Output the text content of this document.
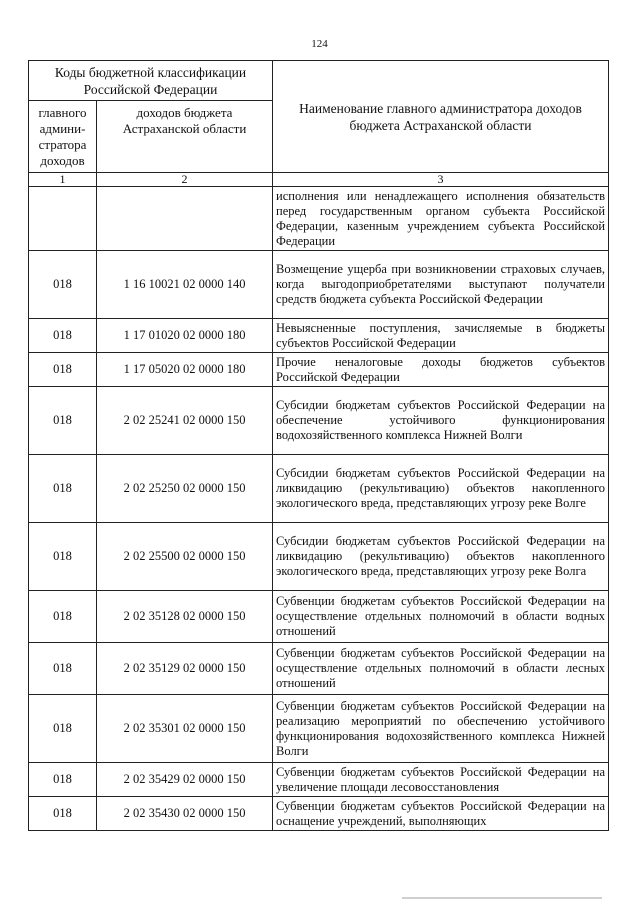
124
Коды бюджетной классификации Российской Федерации		Наименование главного администратора доходов бюджета Астраханской области
главного админи-стратора доходов	доходов бюджета Астраханской области	
1	2	3
		исполнения или ненадлежащего исполнения обязательств перед государственным органом субъекта Российской Федерации, казенным учреждением субъекта Российской Федерации
018	1 16 10021 02 0000 140	Возмещение ущерба при возникновении страховых случаев, когда выгодоприобретателями выступают получатели средств бюджета субъекта Российской Федерации
018	1 17 01020 02 0000 180	Невыясненные поступления, зачисляемые в бюджеты субъектов Российской Федерации
018	1 17 05020 02 0000 180	Прочие неналоговые доходы бюджетов субъектов Российской Федерации
018	2 02 25241 02 0000 150	Субсидии бюджетам субъектов Российской Федерации на обеспечение устойчивого функционирования водохозяйственного комплекса Нижней Волги
018	2 02 25250 02 0000 150	Субсидии бюджетам субъектов Российской Федерации на ликвидацию (рекультивацию) объектов накопленного экологического вреда, представляющих угрозу реке Волге
018	2 02 25500 02 0000 150	Субсидии бюджетам субъектов Российской Федерации на ликвидацию (рекультивацию) объектов накопленного экологического вреда, представляющих угрозу реке Волга
018	2 02 35128 02 0000 150	Субвенции бюджетам субъектов Российской Федерации на осуществление отдельных полномочий в области водных отношений
018	2 02 35129 02 0000 150	Субвенции бюджетам субъектов Российской Федерации на осуществление отдельных полномочий в области лесных отношений
018	2 02 35301 02 0000 150	Субвенции бюджетам субъектов Российской Федерации на реализацию мероприятий по обеспечению устойчивого функционирования водохозяйственного комплекса Нижней Волги
018	2 02 35429 02 0000 150	Субвенции бюджетам субъектов Российской Федерации на увеличение площади лесовосстановления
018	2 02 35430 02 0000 150	Субвенции бюджетам субъектов Российской Федерации на оснащение учреждений, выполняющих
